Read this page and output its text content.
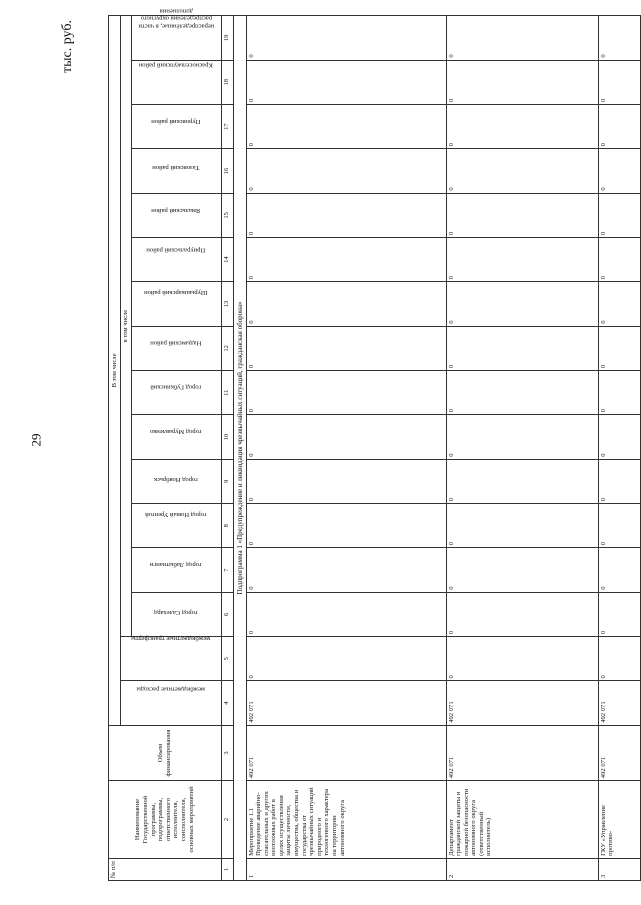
29
тыс. руб.
№ п/п	Наименование Государственной программы, подпрограммы, ответственного исполнителя, соисполнителя, основных мероприятий	Объем финансирования	В том числе															
			межбюджетные расходы	межбюджетные трансферты	в том числе													
					город Салехард	город Лабытнанги	город Новый Уренгой	город Ноябрьск	город Муравленко	город Губкинский	Надымский район	Шурышкарский район	Приуральский район	Ямальский район	Тазовский район	Пуровский район	Красноселькупский район	нераспределённые, в части распределения округного дополнения
1	2	3	4	5	6	7	8	9	10	11	12	13	14	15	16	17	18	19
Подпрограмма 1 «Предупреждение и ликвидация чрезвычайных ситуаций, гражданская оборона»																		
1	Мероприятие 1.1 Проведение аварийно-спасательных и других неотложных работ в целях осуществления защиты личности, имущества, общества и государства от чрезвычайных ситуаций природного и техногенного характера на территории автономного округа	492 071	492 071	0	0	0	0	0	0	0	0	0	0	0	0	0	0	0
2	Департамент гражданской защиты и пожарной безопасности автономного округа (ответственный исполнитель)	492 071	492 071	0	0	0	0	0	0	0	0	0	0	0	0	0	0	0
3	ГКУ «Управление противо-	492 071	492 071	0	0	0	0	0	0	0	0	0	0	0	0	0	0	0
